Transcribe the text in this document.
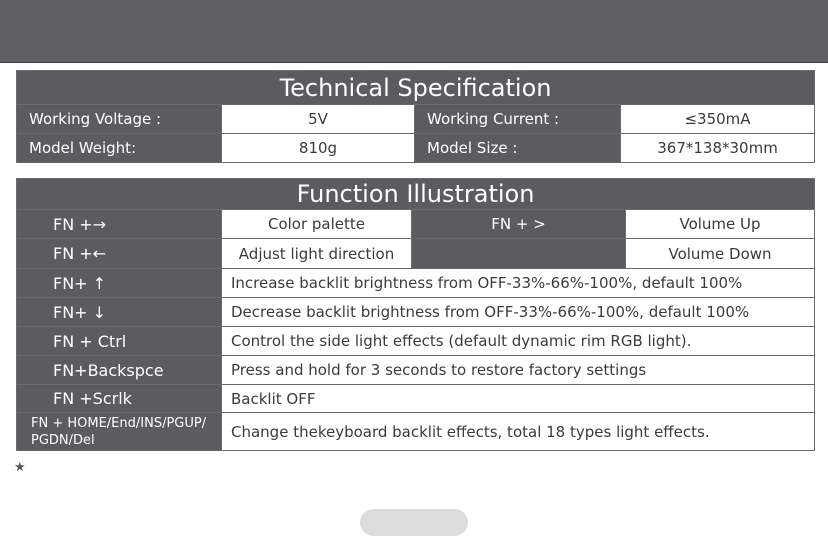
Technical Specification			
Working Voltage :	5V	Working Current :	≤350mA
Model Weight:	810g	Model Size :	367*138*30mm
Function Illustration			
FN +→	Color palette	FN + >	Volume Up
FN +←	Adjust light direction		Volume Down
FN+ ↑	Increase backlit brightness from OFF-33%-66%-100%, default 100%		
FN+ ↓	Decrease backlit brightness from OFF-33%-66%-100%, default 100%		
FN + Ctrl	Control the side light effects (default dynamic rim RGB light).		
FN+Backspce	Press and hold for 3 seconds to restore factory settings		
FN +Scrlk	Backlit OFF		
FN + HOME/End/INS/PGUP/ PGDN/Del	Change thekeyboard backlit effects, total 18 types light effects.		
★
